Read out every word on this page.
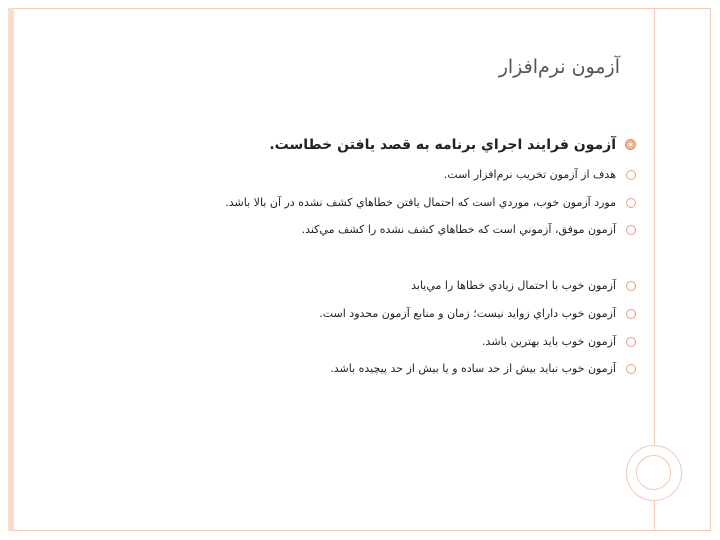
آزمون نرم‌افزار
آزمون فرايند اجراي برنامه به قصد يافتن خطاست.
هدف از آزمون تخريب نرم‌افزار است.
مورد آزمون خوب، موردي است که احتمال يافتن خطاهاي کشف نشده در آن بالا باشد.
آزمون موفق، آزموني است که خطاهاي کشف نشده را کشف مي‌کند.
آزمون خوب با احتمال زيادي خطاها را مي‌يابد
آزمون خوب داراي زوايد نيست؛ زمان و منابع آزمون محدود است.
آزمون خوب بايد بهترين باشد.
آزمون خوب نبايد بيش از حد ساده و يا بيش از حد پيچيده باشد.
